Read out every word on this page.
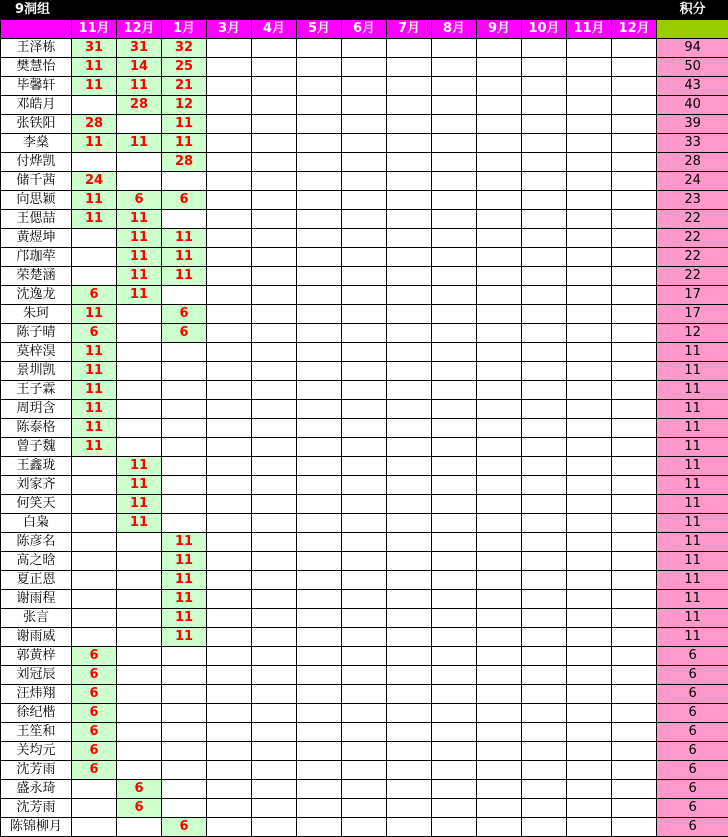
9洞组														积分
	11月	12月	1月	3月	4月	5月	6月	7月	8月	9月	10月	11月	12月	
王泽栋	31	31	32											94
樊慧怡	11	14	25											50
毕馨轩	11	11	21											43
邓皓月		28	12											40
张铁阳	28		11											39
李燊	11	11	11											33
付烨凯			28											28
储千茜	24													24
向思颖	11	6	6											23
王偲喆	11	11												22
黄煜坤		11	11											22
邝珈荦		11	11											22
荣楚涵		11	11											22
沈逸龙	6	11												17
朱珂	11		6											17
陈子晴	6		6											12
莫梓淏	11													11
景圳凯	11													11
王子霖	11													11
周玥含	11													11
陈泰格	11													11
曾子魏	11													11
王鑫珑		11												11
刘家齐		11												11
何笑天		11												11
白枭		11												11
陈彦名			11											11
高之晗			11											11
夏正恩			11											11
谢雨程			11											11
张言			11											11
谢雨威			11											11
郭黄梓	6													6
刘冠辰	6													6
汪炜翔	6													6
徐纪楷	6													6
王笙和	6													6
关均元	6													6
沈芳雨	6													6
盛永琦		6												6
沈芳雨		6												6
陈锦柳月			6											6
